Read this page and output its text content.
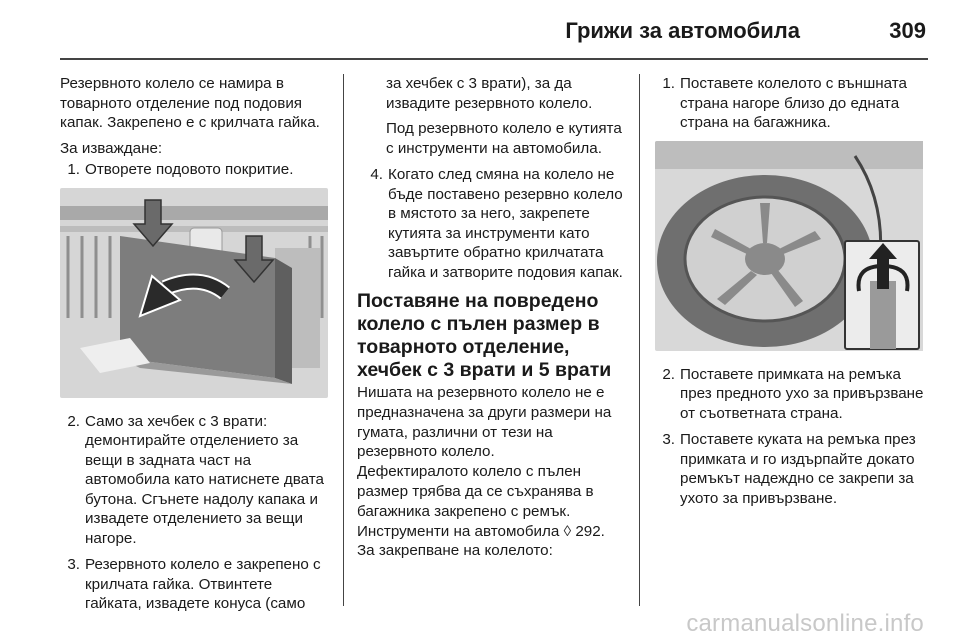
Грижи за автомобила	309

Резервното колело се намира в товарното отделение под подовия капак. Закрепено е с крилчата гайка.

За изваждане:

1. Отворете подовото покритие.
2. Само за хечбек с 3 врати: демонтирайте отделението за вещи в задната част на автомобила като натиснете двата бутона. Сгънете надолу капака и извадете отделението за вещи нагоре.
3. Резервното колело е закрепено с крилчата гайка. Отвинтете гайката, извадете конуса (само

за хечбек с 3 врати), за да извадите резервното колело.

Под резервното колело е кутията с инструменти на автомобила.

4. Когато след смяна на колело не бъде поставено резервно колело в мястото за него, закрепете кутията за инструменти като завъртите обратно крилчатата гайка и затворите подовия капак.
Поставяне на повредено колело с пълен размер в товарното отделение, хечбек с 3 врати и 5 врати
Нишата на резервното колело не е предназначена за други размери на гумата, различни от тези на резервното колело.
Дефектиралото колело с пълен размер трябва да се съхранява в багажника закрепено с ремък.
Инструменти на автомобила ◊ 292.
За закрепване на колелото:
1. Поставете колелото с външната страна нагоре близо до едната страна на багажника.
2. Поставете примката на ремъка през предното ухо за привързване от съответната страна.
3. Поставете куката на ремъка през примката и го издърпайте докато ремъкът надеждно се закрепи за ухото за привързване.
carmanualsonline.info
